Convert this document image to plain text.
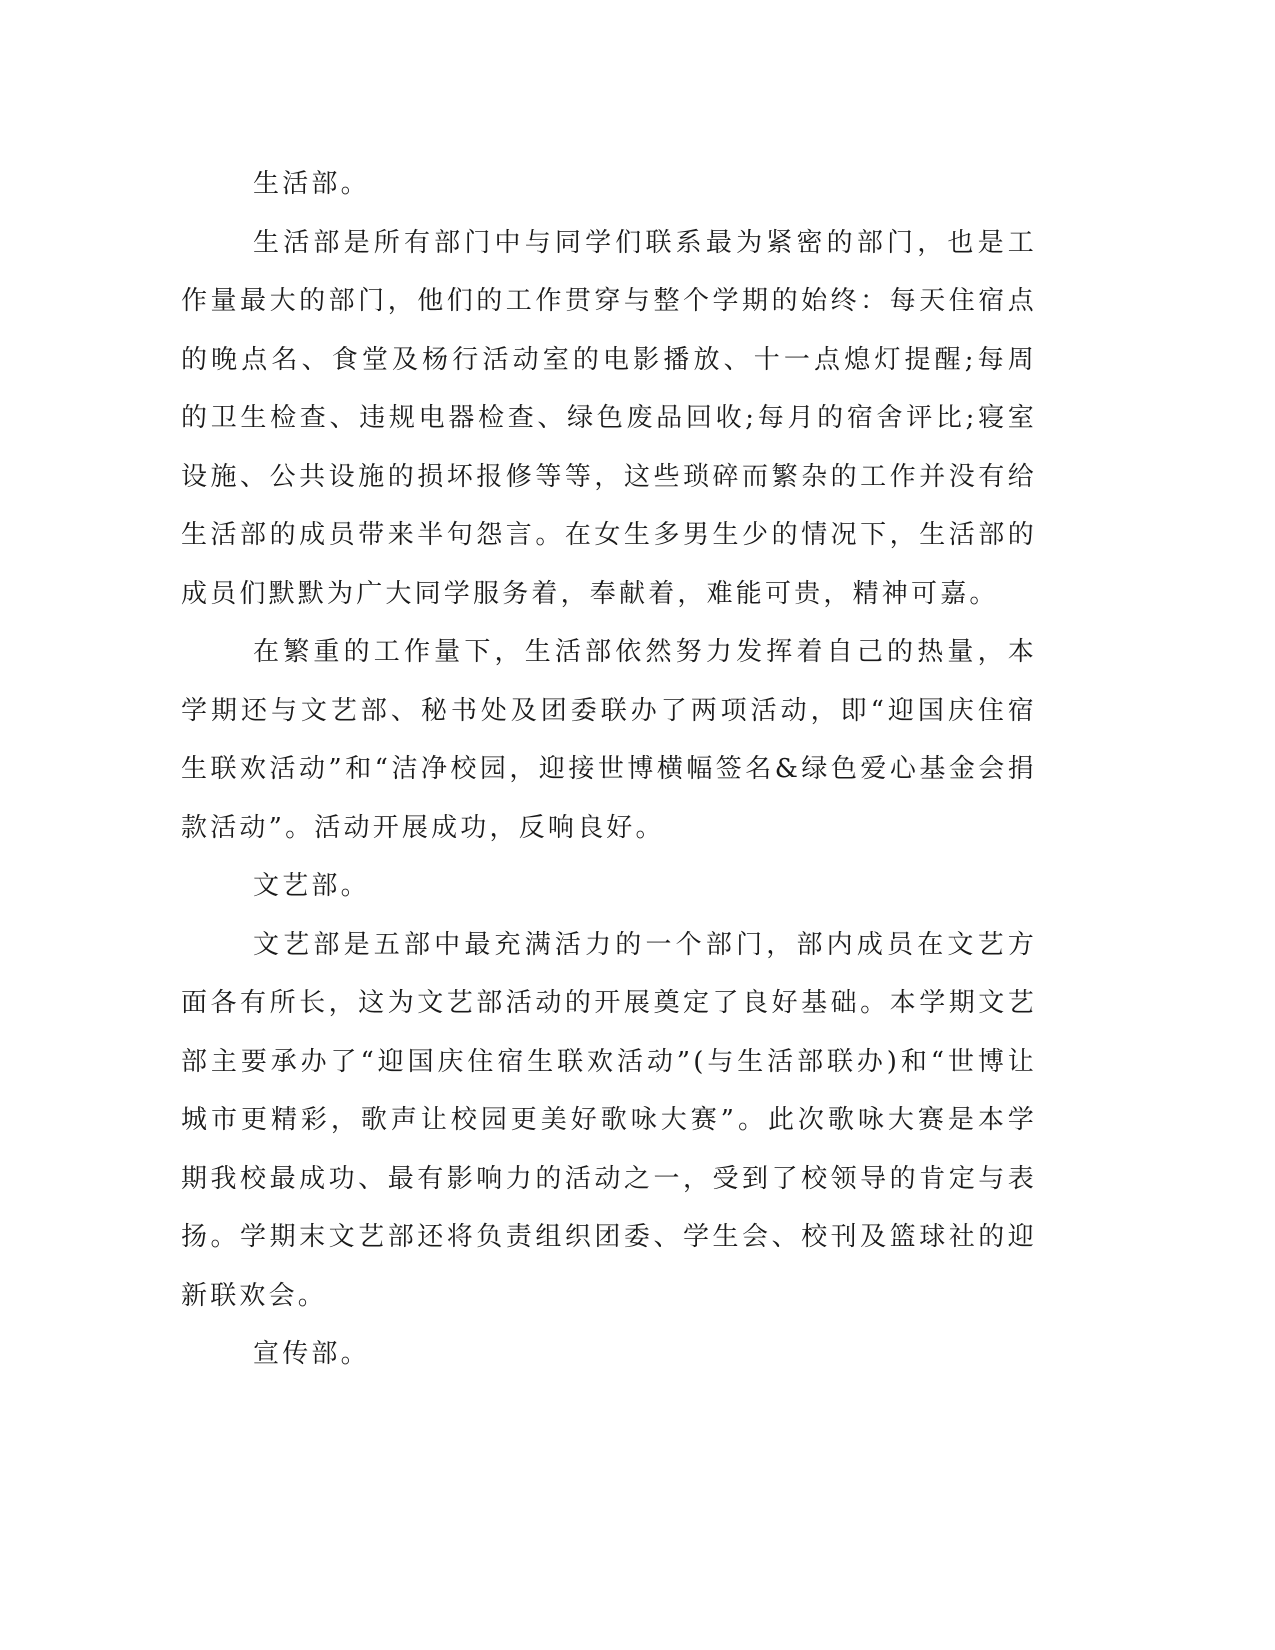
生活部。

生活部是所有部门中与同学们联系最为紧密的部门，也是工作量最大的部门，他们的工作贯穿与整个学期的始终：每天住宿点的晚点名、食堂及杨行活动室的电影播放、十一点熄灯提醒;每周的卫生检查、违规电器检查、绿色废品回收;每月的宿舍评比;寝室设施、公共设施的损坏报修等等，这些琐碎而繁杂的工作并没有给生活部的成员带来半句怨言。在女生多男生少的情况下，生活部的成员们默默为广大同学服务着，奉献着，难能可贵，精神可嘉。

在繁重的工作量下，生活部依然努力发挥着自己的热量，本学期还与文艺部、秘书处及团委联办了两项活动，即“迎国庆住宿生联欢活动”和“洁净校园，迎接世博横幅签名&绿色爱心基金会捐款活动”。活动开展成功，反响良好。

文艺部。

文艺部是五部中最充满活力的一个部门，部内成员在文艺方面各有所长，这为文艺部活动的开展奠定了良好基础。本学期文艺部主要承办了“迎国庆住宿生联欢活动”(与生活部联办)和“世博让城市更精彩，歌声让校园更美好歌咏大赛”。此次歌咏大赛是本学期我校最成功、最有影响力的活动之一，受到了校领导的肯定与表扬。学期末文艺部还将负责组织团委、学生会、校刊及篮球社的迎新联欢会。

宣传部。
